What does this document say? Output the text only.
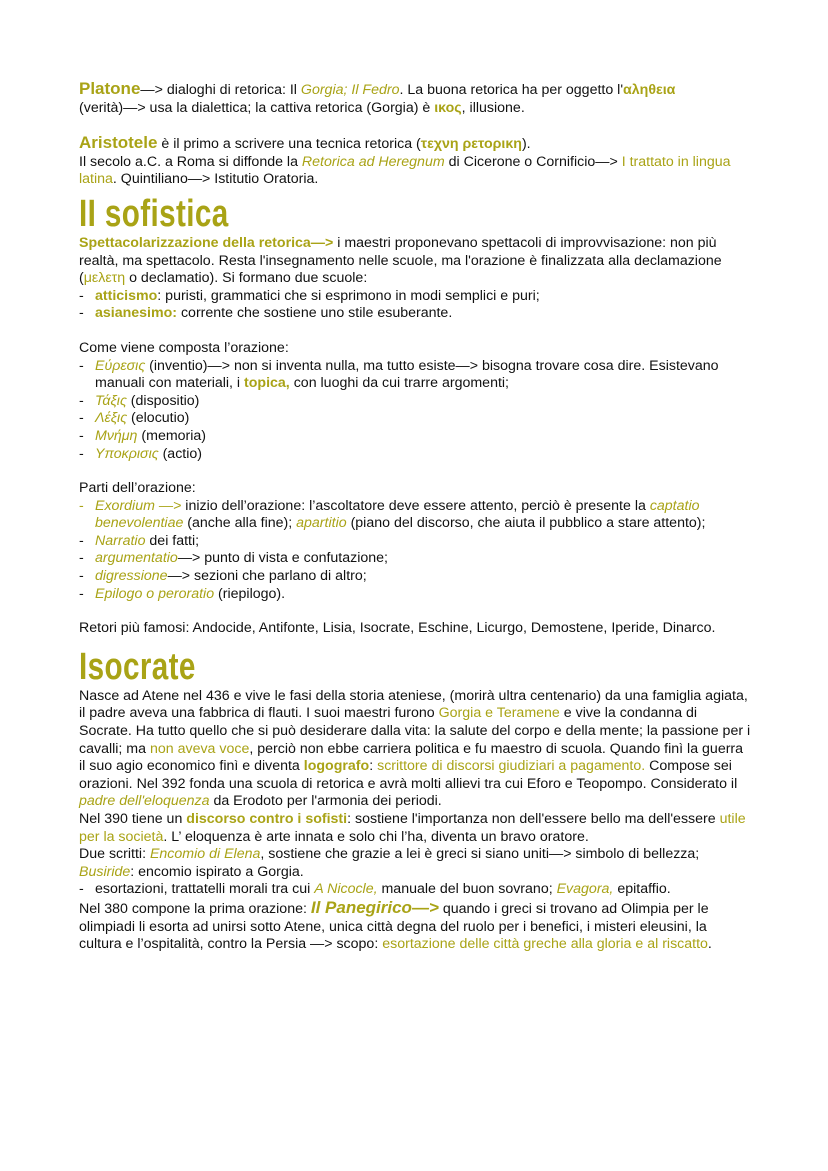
Platone—> dialoghi di retorica: Il Gorgia; Il Fedro. La buona retorica ha per oggetto l'αληθεια
(verità)—> usa la dialettica; la cattiva retorica (Gorgia) è ικος, illusione.

Aristotele è il primo a scrivere una tecnica retorica (τεχνη ρετορικη).
Il secolo a.C. a Roma si diffonde la Retorica ad Heregnum di Cicerone o Cornificio—> I trattato in lingua latina. Quintiliano—> Istitutio Oratoria.

II sofistica

Spettacolarizzazione della retorica—> i maestri proponevano spettacoli di improvvisazione: non più realtà, ma spettacolo. Resta l'insegnamento nelle scuole, ma l'orazione è finalizzata alla declamazione (μελετη o declamatio). Si formano due scuole:

- atticismo: puristi, grammatici che si esprimono in modi semplici e puri;
- asianesimo: corrente che sostiene uno stile esuberante.

Come viene composta l’orazione:

- Εύρεσις (inventio)—> non si inventa nulla, ma tutto esiste—> bisogna trovare cosa dire. Esistevano manuali con materiali, i topica, con luoghi da cui trarre argomenti;
- Τάξις (dispositio)
- Λέξις (elocutio)
- Μνήμη (memoria)
- Υποκρισις (actio)

Parti dell’orazione:

- Exordium —> inizio dell’orazione: l’ascoltatore deve essere attento, perciò è presente la captatio benevolentiae (anche alla fine); apartitio (piano del discorso, che aiuta il pubblico a stare attento);
- Narratio dei fatti;
- argumentatio—> punto di vista e confutazione;
- digressione—> sezioni che parlano di altro;
- Epilogo o peroratio (riepilogo).

Retori più famosi: Andocide, Antifonte, Lisia, Isocrate, Eschine, Licurgo, Demostene, Iperide, Dinarco.

Isocrate

Nasce ad Atene nel 436 e vive le fasi della storia ateniese, (morirà ultra centenario) da una famiglia agiata, il padre aveva una fabbrica di flauti. I suoi maestri furono Gorgia e Teramene e vive la condanna di Socrate. Ha tutto quello che si può desiderare dalla vita: la salute del corpo e della mente; la passione per i cavalli; ma non aveva voce, perciò non ebbe carriera politica e fu maestro di scuola. Quando finì la guerra il suo agio economico finì e diventa logografo: scrittore di discorsi giudiziari a pagamento. Compose sei orazioni. Nel 392 fonda una scuola di retorica e avrà molti allievi tra cui Eforo e Teopompo. Considerato il padre dell'eloquenza da Erodoto per l'armonia dei periodi.

Nel 390 tiene un discorso contro i sofisti: sostiene l'importanza non dell'essere bello ma dell'essere utile per la società. L’ eloquenza è arte innata e solo chi l’ha, diventa un bravo oratore.
Due scritti: Encomio di Elena, sostiene che grazie a lei è greci si siano uniti—> simbolo di bellezza; Busiride: encomio ispirato a Gorgia.

- esortazioni, trattatelli morali tra cui A Nicocle, manuale del buon sovrano; Evagora, epitaffio.

Nel 380 compone la prima orazione: Il Panegirico—> quando i greci si trovano ad Olimpia per le olimpiadi li esorta ad unirsi sotto Atene, unica città degna del ruolo per i benefici, i misteri eleusini, la cultura e l’ospitalità, contro la Persia —> scopo: esortazione delle città greche alla gloria e al riscatto.
